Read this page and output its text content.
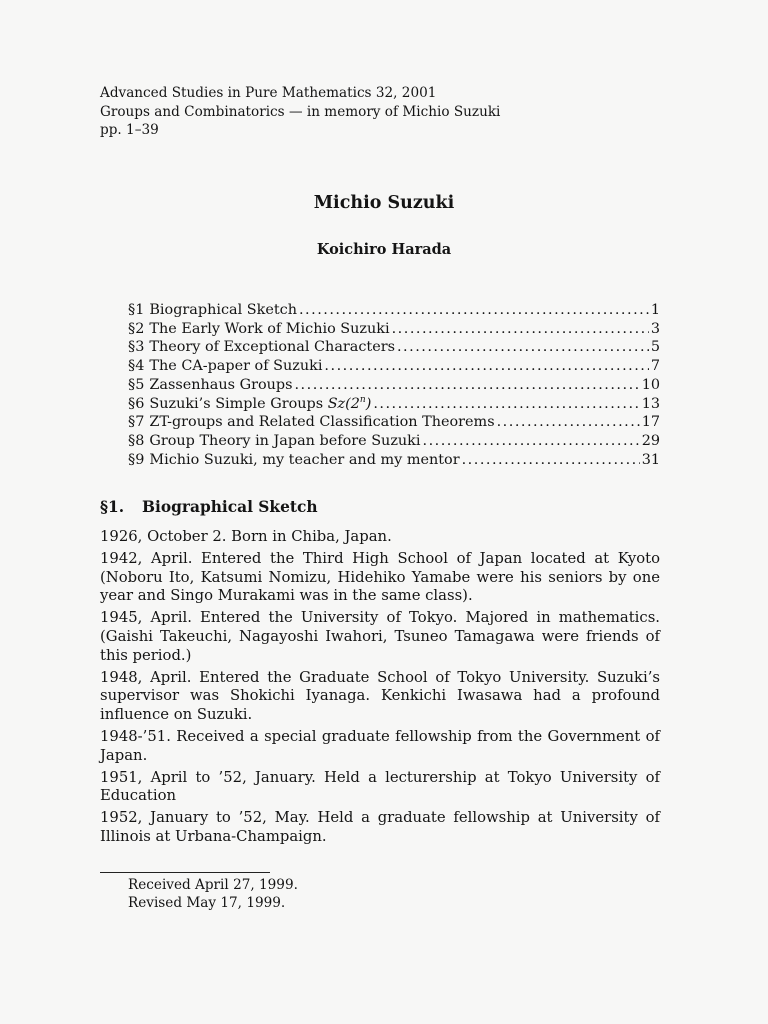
Advanced Studies in Pure Mathematics 32, 2001
Groups and Combinatorics — in memory of Michio Suzuki
pp. 1–39
Michio Suzuki
Koichiro Harada
§1 Biographical Sketch .....	1
§2 The Early Work of Michio Suzuki .....	3
§3 Theory of Exceptional Characters .....	5
§4 The CA-paper of Suzuki .....	7
§5 Zassenhaus Groups .....	10
§6 Suzuki’s Simple Groups Sz(2$^n$) .....	13
§7 ZT-groups and Related Classification Theorems .....	17
§8 Group Theory in Japan before Suzuki .....	29
§9 Michio Suzuki, my teacher and my mentor .....	31
§1. Biographical Sketch

1926, October 2. Born in Chiba, Japan.

1942, April. Entered the Third High School of Japan located at Kyoto (Noboru Ito, Katsumi Nomizu, Hidehiko Yamabe were his seniors by one year and Singo Murakami was in the same class).

1945, April. Entered the University of Tokyo. Majored in mathematics. (Gaishi Takeuchi, Nagayoshi Iwahori, Tsuneo Tamagawa were friends of this period.)

1948, April. Entered the Graduate School of Tokyo University. Suzuki’s supervisor was Shokichi Iyanaga. Kenkichi Iwasawa had a profound influence on Suzuki.

1948-’51. Received a special graduate fellowship from the Government of Japan.

1951, April to ’52, January. Held a lecturership at Tokyo University of Education

1952, January to ’52, May. Held a graduate fellowship at University of Illinois at Urbana-Champaign.

Received April 27, 1999.
Revised May 17, 1999.
